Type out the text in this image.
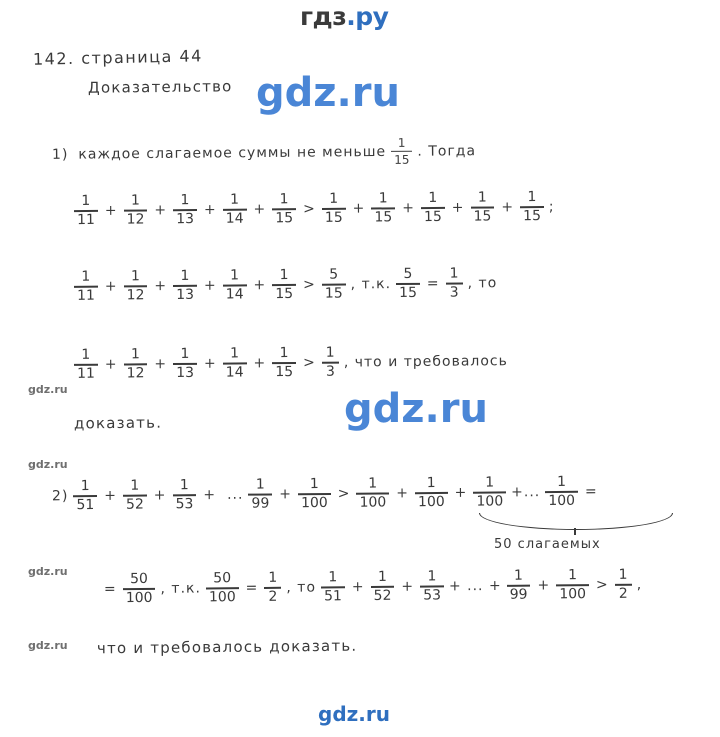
гдз.ру
gdz.ru
gdz.ru
gdz.ru
gdz.ru
gdz.ru
gdz.ru
gdz.ru
142. страница 44
Доказательство
1) каждое слагаемое суммы не меньше $\frac{1}{15}$ . Тогда
$\frac{1}{11} + \frac{1}{12} + \frac{1}{13} + \frac{1}{14} + \frac{1}{15} > \frac{1}{15} + \frac{1}{15} + \frac{1}{15} + \frac{1}{15} + \frac{1}{15}$ ;
$\frac{1}{11} + \frac{1}{12} + \frac{1}{13} + \frac{1}{14} + \frac{1}{15} > \frac{5}{15}$ , т.к. $\frac{5}{15} = \frac{1}{3}$ , то
$\frac{1}{11} + \frac{1}{12} + \frac{1}{13} + \frac{1}{14} + \frac{1}{15} > \frac{1}{3}$ , что и требовалось
доказать.
$2) \frac{1}{51} + \frac{1}{52} + \frac{1}{53}$ + ... $\frac{1}{99} + \frac{1}{100} > \frac{1}{100} + \frac{1}{100} + \frac{1}{100}$ +... $\frac{1}{100}$ =
50 слагаемых
= $\frac{50}{100}$ , т.к. $\frac{50}{100} = \frac{1}{2}$ , то $\frac{1}{51} + \frac{1}{52} + \frac{1}{53}$ + ... + $\frac{1}{99} + \frac{1}{100} > \frac{1}{2}$ ,
что и требовалось доказать.
